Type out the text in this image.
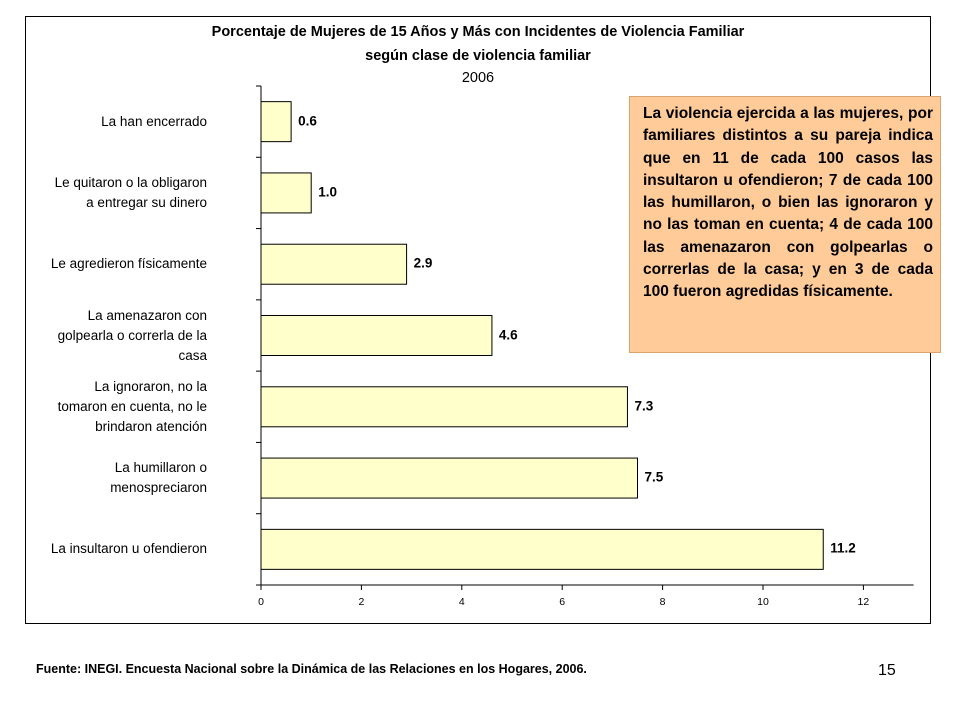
Porcentaje de Mujeres de 15 Años y Más con Incidentes de Violencia Familiar
según clase de violencia familiar
2006
0.6
La han encerrado
1.0
Le quitaron o la obligaron
a entregar su dinero
2.9
Le agredieron físicamente
4.6
La amenazaron con
golpearla o correrla de la
casa
7.3
La ignoraron, no la
tomaron en cuenta, no le
brindaron atención
7.5
La humillaron o
menospreciaron
11.2
La insultaron u ofendieron
0	2	4	6	8	10	12
La violencia ejercida a las mujeres, por familiares distintos a su pareja indica que en 11 de cada 100 casos las insultaron u ofendieron; 7 de cada 100 las humillaron, o bien las ignoraron y no las toman en cuenta; 4 de cada 100 las amenazaron con golpearlas o correrlas de la casa; y en 3 de cada 100 fueron agredidas físicamente.
Fuente: INEGI. Encuesta Nacional sobre la Dinámica de las Relaciones en los Hogares, 2006.	15
